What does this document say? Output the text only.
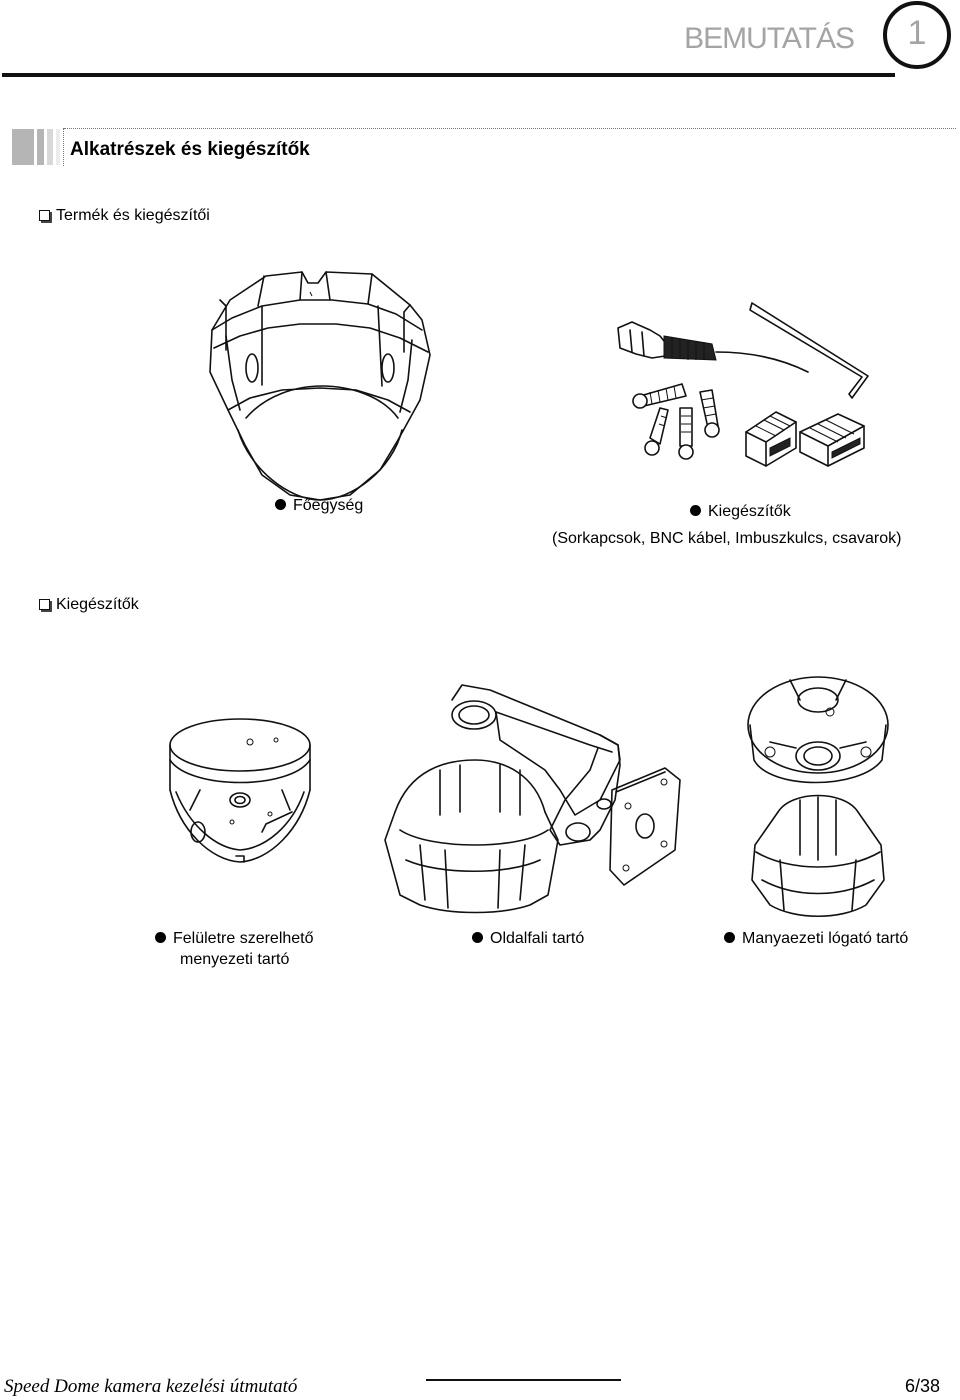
BEMUTATÁS	1
Alkatrészek és kiegészítők
Termék és kiegészítői
Főegység	Kiegészítők
(Sorkapcsok, BNC kábel, Imbuszkulcs, csavarok)
Kiegészítők
Felületre szerelhető
menyezeti tartó
Oldalfali tartó	Manyaezeti lógató tartó
Speed Dome kamera kezelési útmutató	6/38
